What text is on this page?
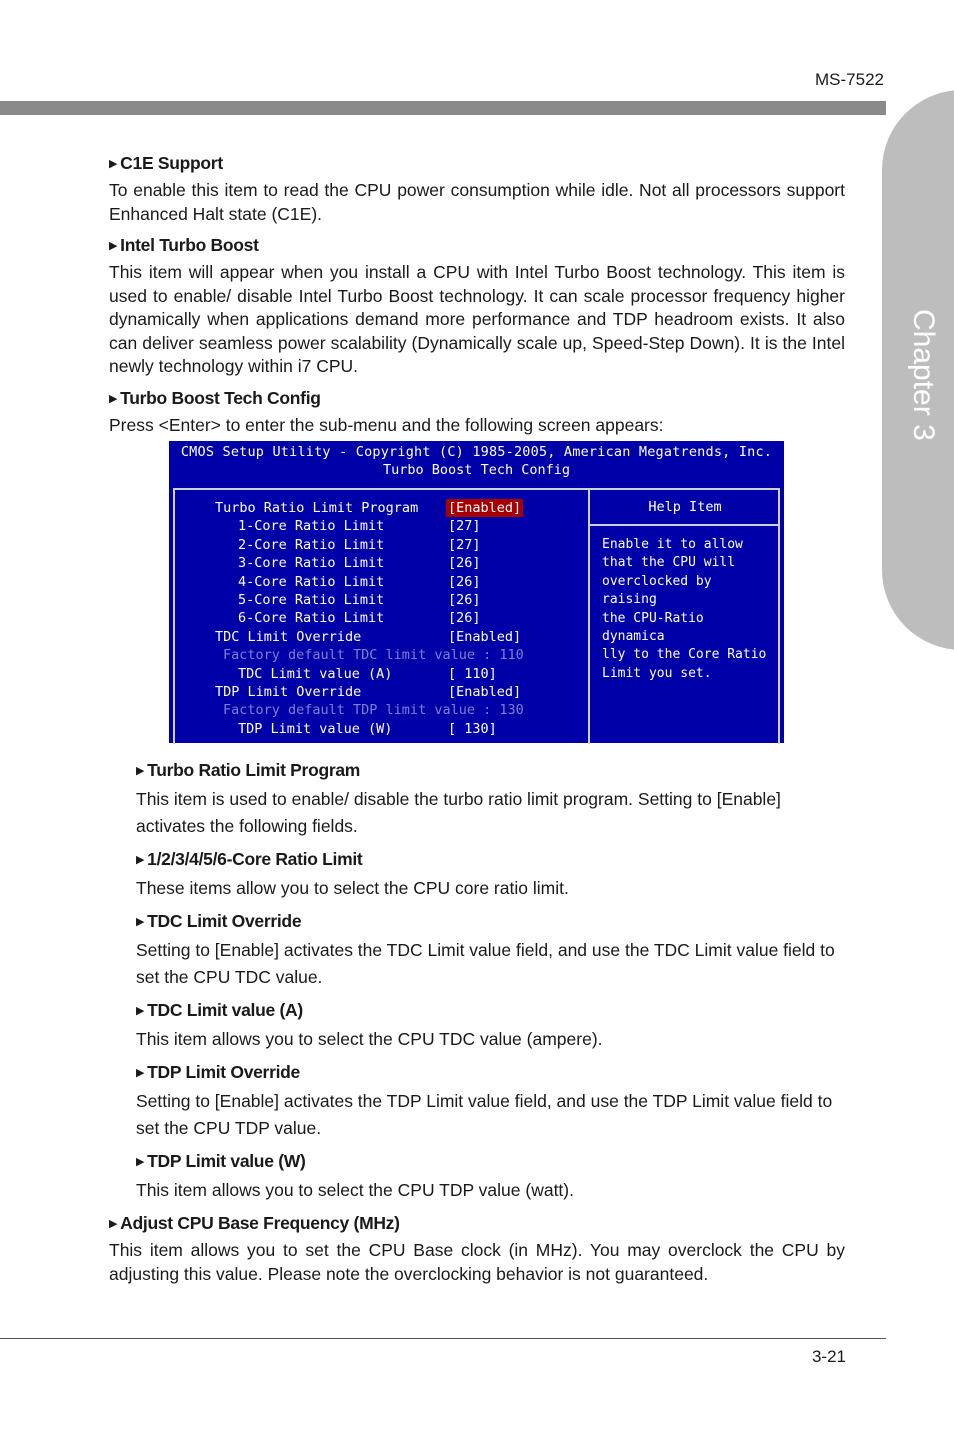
MS-7522
Chapter 3

▶ C1E Support

To enable this item to read the CPU power consumption while idle. Not all processors support Enhanced Halt state (C1E).

▶ Intel Turbo Boost

This item will appear when you install a CPU with Intel Turbo Boost technology. This item is used to enable/ disable Intel Turbo Boost technology. It can scale processor frequency higher dynamically when applications demand more performance and TDP headroom exists. It also can deliver seamless power scalability (Dynamically scale up, Speed-Step Down). It is the Intel newly technology within i7 CPU.

▶ Turbo Boost Tech Config

Press <Enter> to enter the sub-menu and the following screen appears:

CMOS Setup Utility - Copyright (C) 1985-2005, American Megatrends, Inc.
Turbo Boost Tech Config
Turbo Ratio Limit Program [Enabled]
1-Core Ratio Limit	[27]
2-Core Ratio Limit	[27]
3-Core Ratio Limit	[26]
4-Core Ratio Limit	[26]
5-Core Ratio Limit	[26]
6-Core Ratio Limit	[26]
TDC Limit Override	[Enabled]
Factory default TDC limit value : 110
TDC Limit value (A)	[ 110]
TDP Limit Override	[Enabled]
Factory default TDP limit value : 130
TDP Limit value (W)	[ 130]
Help Item
Enable it to allow
that the CPU will
overclocked by raising
the CPU-Ratio dynamica
lly to the Core Ratio
Limit you set.

▶ Turbo Ratio Limit Program

This item is used to enable/ disable the turbo ratio limit program. Setting to [Enable] activates the following fields.

▶ 1/2/3/4/5/6-Core Ratio Limit

These items allow you to select the CPU core ratio limit.

▶ TDC Limit Override

Setting to [Enable] activates the TDC Limit value field, and use the TDC Limit value field to set the CPU TDC value.

▶ TDC Limit value (A)

This item allows you to select the CPU TDC value (ampere).

▶ TDP Limit Override

Setting to [Enable] activates the TDP Limit value field, and use the TDP Limit value field to set the CPU TDP value.

▶ TDP Limit value (W)

This item allows you to select the CPU TDP value (watt).

▶ Adjust CPU Base Frequency (MHz)

This item allows you to set the CPU Base clock (in MHz). You may overclock the CPU by adjusting this value. Please note the overclocking behavior is not guaranteed.

3-21
